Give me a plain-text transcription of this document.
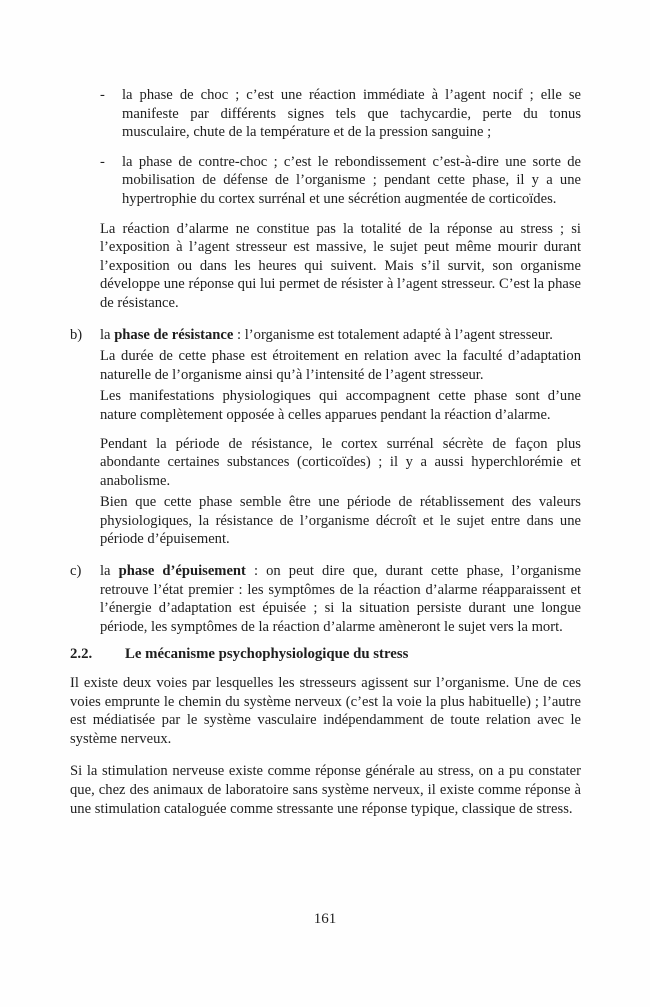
-	la phase de choc ; c’est une réaction immédiate à l’agent nocif ; elle se manifeste par différents signes tels que tachycardie, perte du tonus musculaire, chute de la température et de la pression sanguine ;

-	la phase de contre-choc ; c’est le rebondissement c’est-à-dire une sorte de mobilisation de défense de l’organisme ; pendant cette phase, il y a une hypertrophie du cortex surrénal et une sécrétion augmentée de corticoïdes.

La réaction d’alarme ne constitue pas la totalité de la réponse au stress ; si l’exposition à l’agent stresseur est massive, le sujet peut même mourir durant l’exposition ou dans les heures qui suivent. Mais s’il survit, son organisme développe une réponse qui lui permet de résister à l’agent stresseur. C’est la phase de résistance.

b)	la phase de résistance : l’organisme est totalement adapté à l’agent stresseur.

La durée de cette phase est étroitement en relation avec la faculté d’adaptation naturelle de l’organisme ainsi qu’à l’intensité de l’agent stresseur.

Les manifestations physiologiques qui accompagnent cette phase sont d’une nature complètement opposée à celles apparues pendant la réaction d’alarme.

Pendant la période de résistance, le cortex surrénal sécrète de façon plus abondante certaines substances (corticoïdes) ; il y a aussi hyperchlorémie et anabolisme.

Bien que cette phase semble être une période de rétablissement des valeurs physiologiques, la résistance de l’organisme décroît et le sujet entre dans une période d’épuisement.

c)	la phase d’épuisement : on peut dire que, durant cette phase, l’organisme retrouve l’état premier : les symptômes de la réaction d’alarme réapparaissent et l’énergie d’adaptation est épuisée ; si la situation persiste durant une longue période, les symptômes de la réaction d’alarme amèneront le sujet vers la mort.

2.2.	Le mécanisme psychophysiologique du stress

Il existe deux voies par lesquelles les stresseurs agissent sur l’organisme. Une de ces voies emprunte le chemin du système nerveux (c’est la voie la plus habituelle) ; l’autre est médiatisée par le système vasculaire indépendamment de toute relation avec le système nerveux.

Si la stimulation nerveuse existe comme réponse générale au stress, on a pu constater que, chez des animaux de laboratoire sans système nerveux, il existe comme réponse à une stimulation cataloguée comme stressante une réponse typique, classique de stress.

161
